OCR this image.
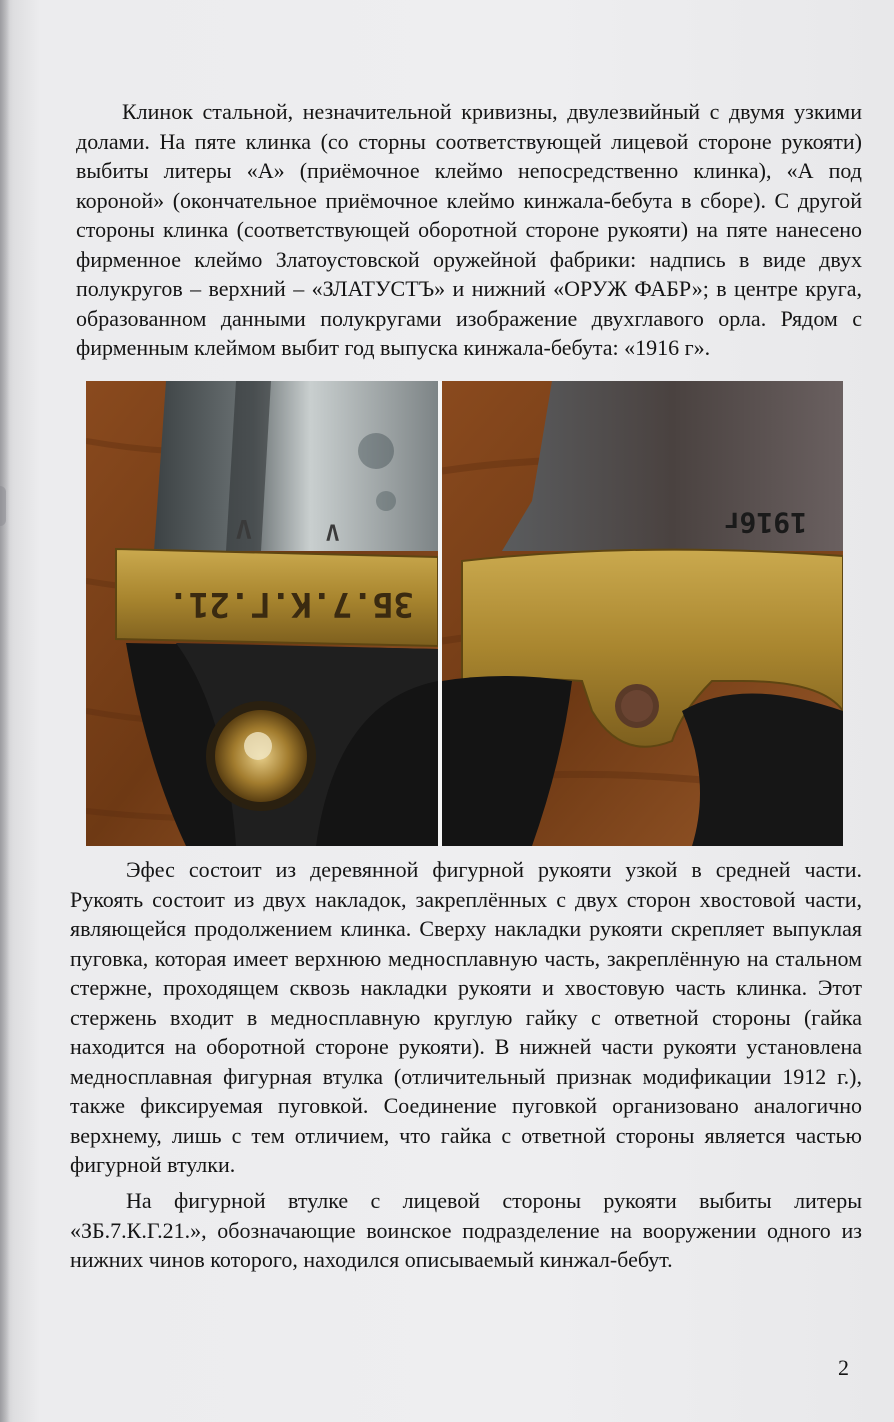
Клинок стальной, незначительной кривизны, двулезвийный с двумя узкими долами. На пяте клинка (со сторны соответствующей лицевой стороне рукояти) выбиты литеры «А» (приёмочное клеймо непосредственно клинка), «А под короной» (окончательное приёмочное клеймо кинжала-бебута в сборе). С другой стороны клинка (соответствующей оборотной стороне рукояти) на пяте нанесено фирменное клеймо Златоустовской оружейной фабрики: надпись в виде двух полукругов – верхний – «ЗЛАТУСТЪ» и нижний «ОРУЖ ФАБР»; в центре круга, образованном данными полукругами изображение двухглавого орла. Рядом с фирменным клеймом выбит год выпуска кинжала-бебута: «1916 г».

Λ	Λ
ЗБ.7.К.Г.21.
1916г

Эфес состоит из деревянной фигурной рукояти узкой в средней части. Рукоять состоит из двух накладок, закреплённых с двух сторон хвостовой части, являющейся продолжением клинка. Сверху накладки рукояти скрепляет выпуклая пуговка, которая имеет верхнюю медносплавную часть, закреплённую на стальном стержне, проходящем сквозь накладки рукояти и хвостовую часть клинка. Этот стержень входит в медносплавную круглую гайку с ответной стороны (гайка находится на оборотной стороне рукояти). В нижней части рукояти установлена медносплавная фигурная втулка (отличительный признак модификации 1912 г.), также фиксируемая пуговкой. Соединение пуговкой организовано аналогично верхнему, лишь с тем отличием, что гайка с ответной стороны является частью фигурной втулки.

На фигурной втулке с лицевой стороны рукояти выбиты литеры «ЗБ.7.К.Г.21.», обозначающие воинское подразделение на вооружении одного из нижних чинов которого, находился описываемый кинжал-бебут.

2
